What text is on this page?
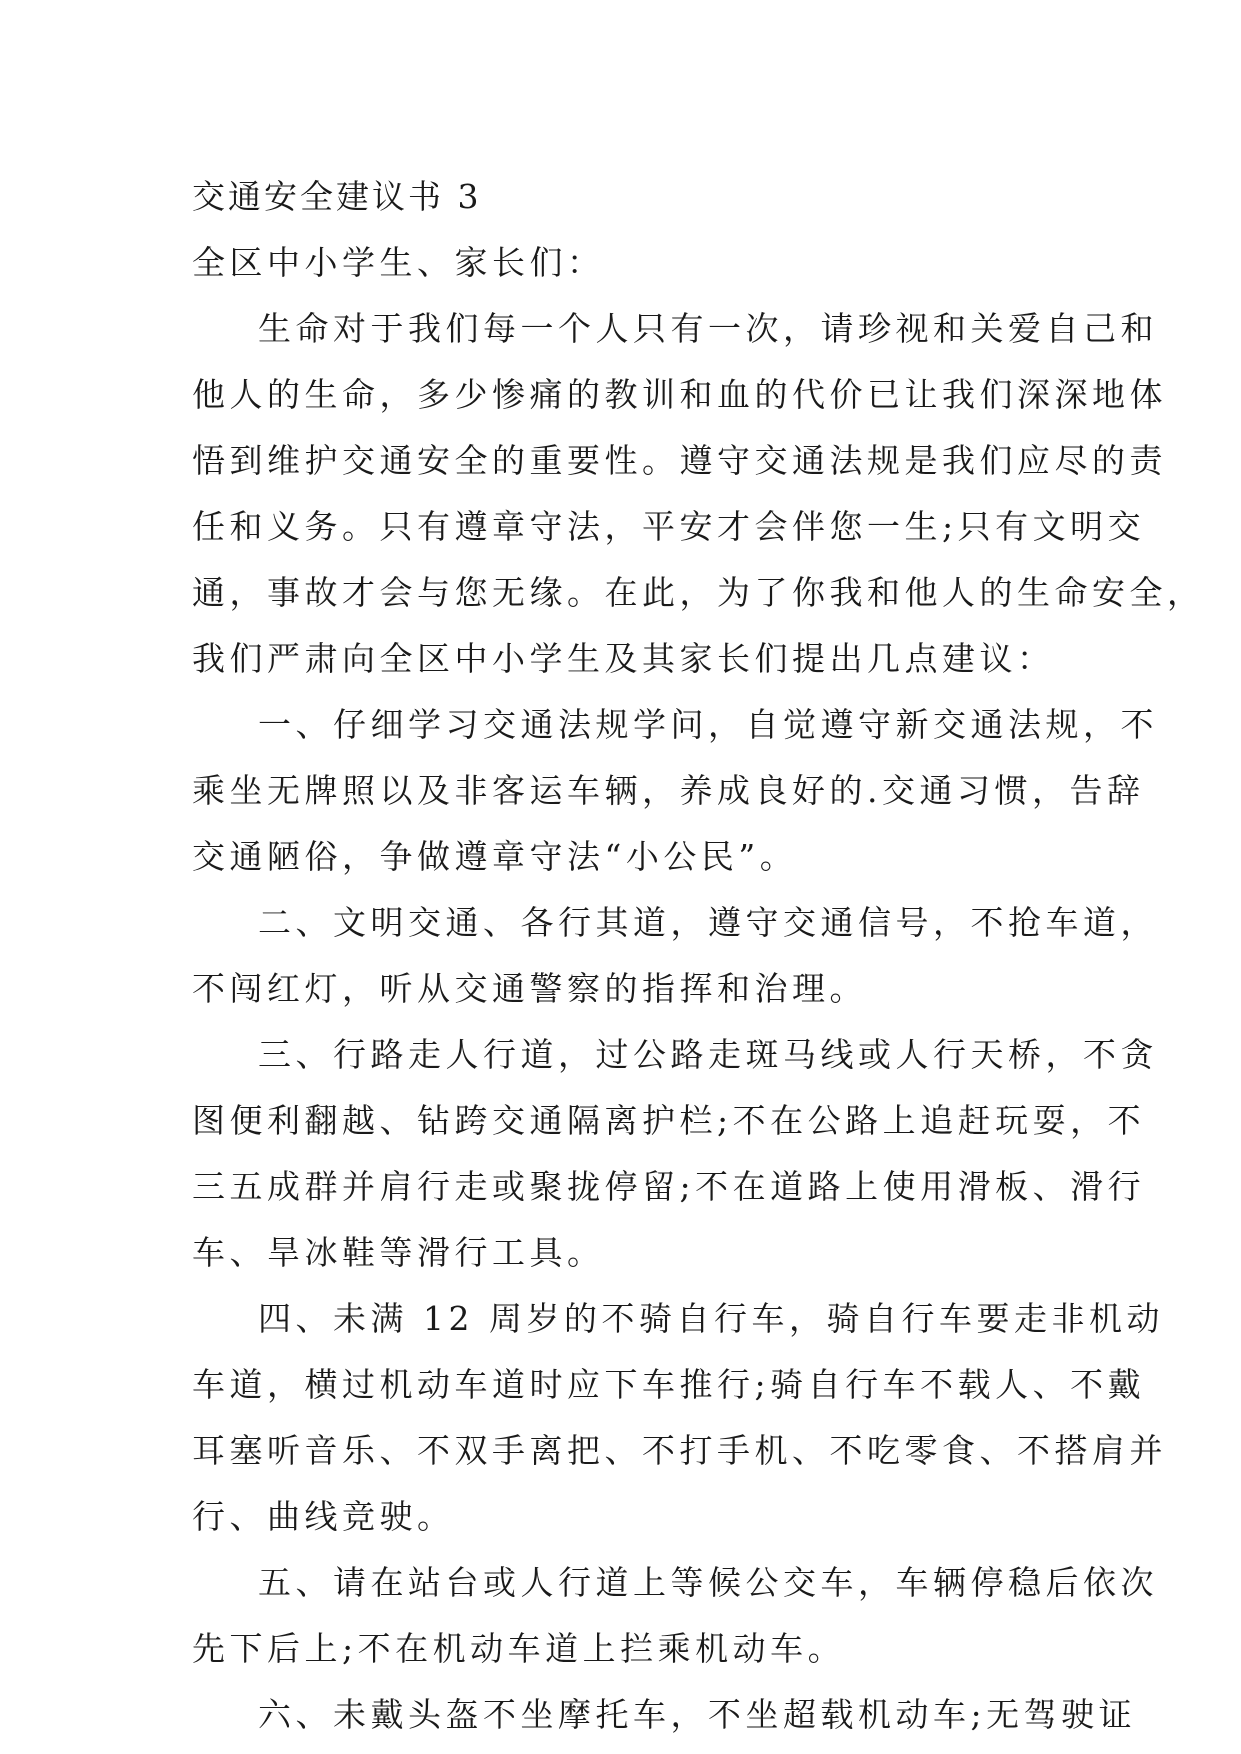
交通安全建议书 3

全区中小学生、家长们：

生命对于我们每一个人只有一次，请珍视和关爱自己和

他人的生命，多少惨痛的教训和血的代价已让我们深深地体

悟到维护交通安全的重要性。遵守交通法规是我们应尽的责

任和义务。只有遵章守法，平安才会伴您一生;只有文明交

通，事故才会与您无缘。在此，为了你我和他人的生命安全，

我们严肃向全区中小学生及其家长们提出几点建议：

一、仔细学习交通法规学问，自觉遵守新交通法规，不

乘坐无牌照以及非客运车辆，养成良好的.交通习惯，告辞

交通陋俗，争做遵章守法“小公民”。

二、文明交通、各行其道，遵守交通信号，不抢车道，

不闯红灯，听从交通警察的指挥和治理。

三、行路走人行道，过公路走斑马线或人行天桥，不贪

图便利翻越、钻跨交通隔离护栏;不在公路上追赶玩耍，不

三五成群并肩行走或聚拢停留;不在道路上使用滑板、滑行

车、旱冰鞋等滑行工具。

四、未满 12 周岁的不骑自行车，骑自行车要走非机动

车道，横过机动车道时应下车推行;骑自行车不载人、不戴

耳塞听音乐、不双手离把、不打手机、不吃零食、不搭肩并

行、曲线竞驶。

五、请在站台或人行道上等候公交车，车辆停稳后依次

先下后上;不在机动车道上拦乘机动车。

六、未戴头盔不坐摩托车，不坐超载机动车;无驾驶证
